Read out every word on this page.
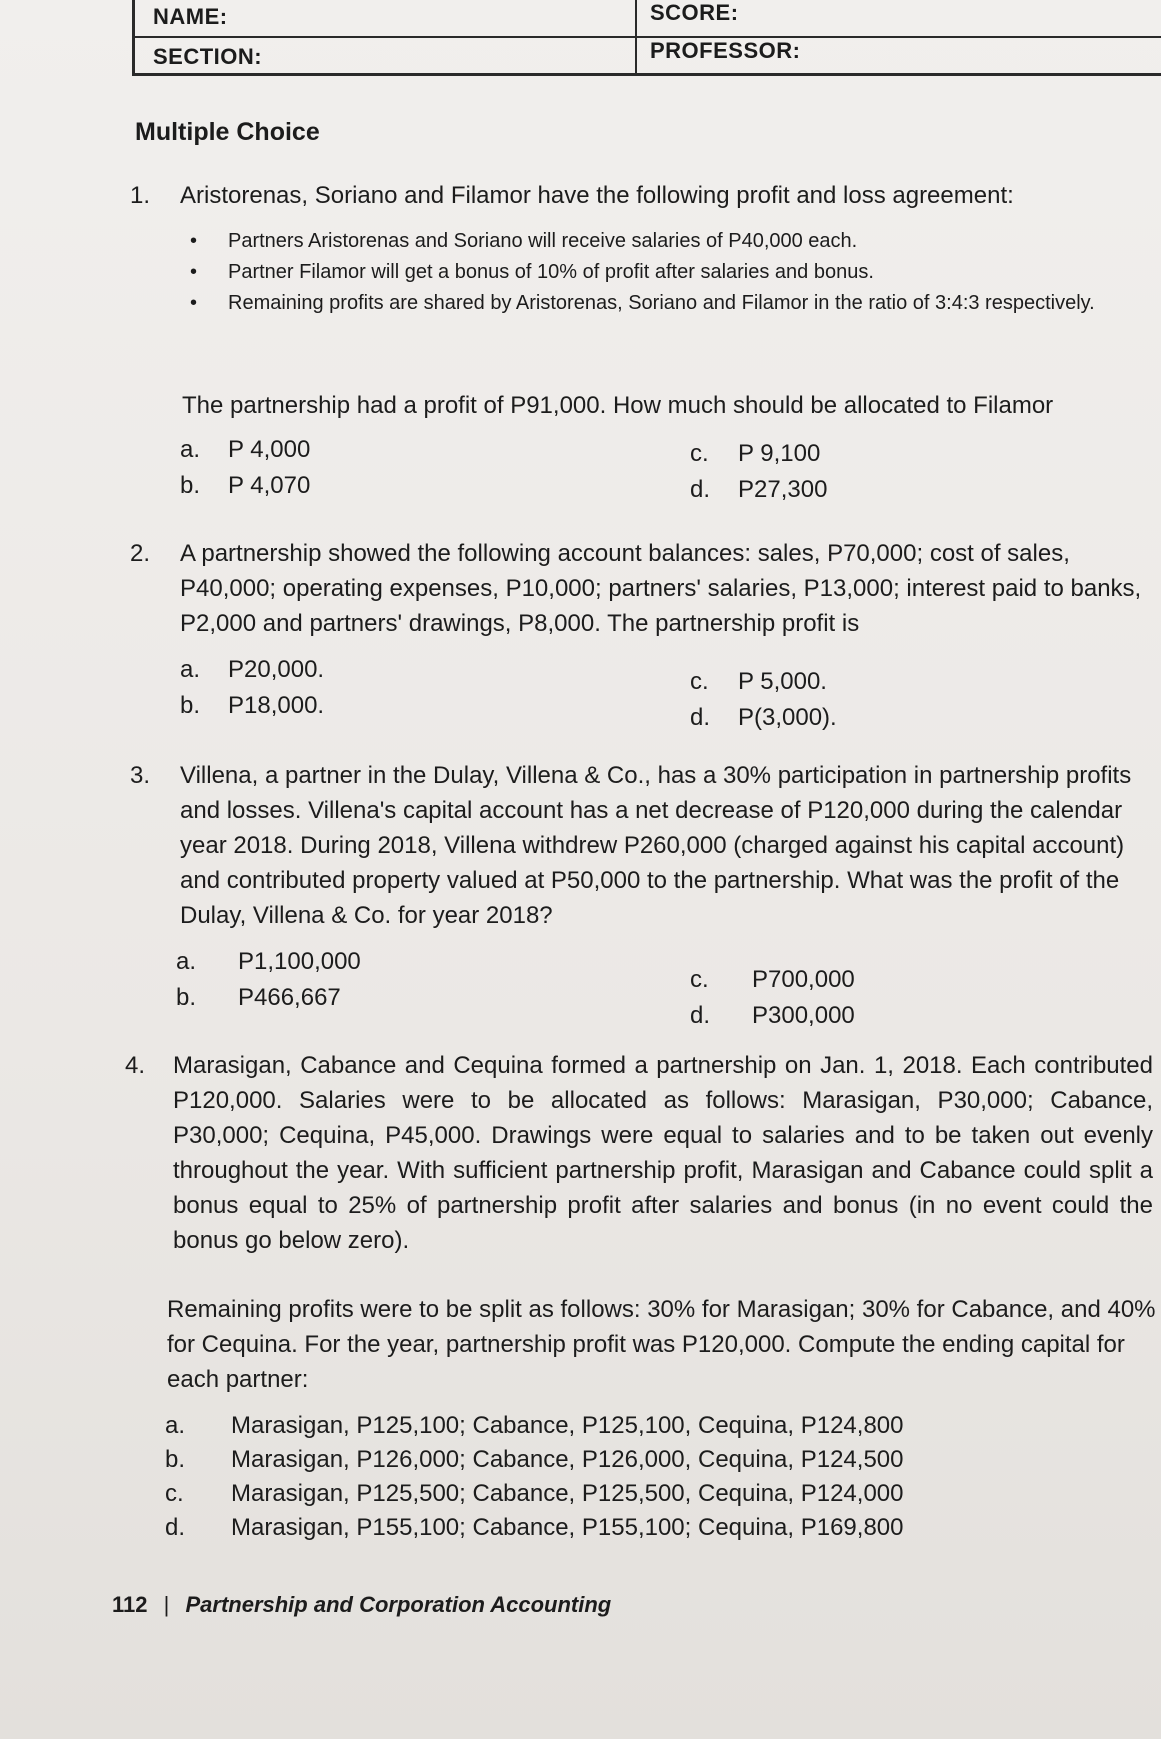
NAME:
SECTION:
SCORE:
PROFESSOR:
Multiple Choice
1. Aristorenas, Soriano and Filamor have the following profit and loss agreement:
• Partners Aristorenas and Soriano will receive salaries of P40,000 each.
• Partner Filamor will get a bonus of 10% of profit after salaries and bonus.
• Remaining profits are shared by Aristorenas, Soriano and Filamor in the ratio of 3:4:3 respectively.
The partnership had a profit of P91,000. How much should be allocated to Filamor
a. P 4,000
b. P 4,070
c. P 9,100
d. P27,300
2. A partnership showed the following account balances: sales, P70,000; cost of sales, P40,000; operating expenses, P10,000; partners' salaries, P13,000; interest paid to banks, P2,000 and partners' drawings, P8,000. The partnership profit is
a. P20,000.
b. P18,000.
c. P 5,000.
d. P(3,000).
3. Villena, a partner in the Dulay, Villena & Co., has a 30% participation in partnership profits and losses. Villena's capital account has a net decrease of P120,000 during the calendar year 2018. During 2018, Villena withdrew P260,000 (charged against his capital account) and contributed property valued at P50,000 to the partnership. What was the profit of the Dulay, Villena & Co. for year 2018?
a. P1,100,000
b. P466,667
c. P700,000
d. P300,000
4. Marasigan, Cabance and Cequina formed a partnership on Jan. 1, 2018. Each contributed P120,000. Salaries were to be allocated as follows: Marasigan, P30,000; Cabance, P30,000; Cequina, P45,000. Drawings were equal to salaries and to be taken out evenly throughout the year. With sufficient partnership profit, Marasigan and Cabance could split a bonus equal to 25% of partnership profit after salaries and bonus (in no event could the bonus go below zero).
Remaining profits were to be split as follows: 30% for Marasigan; 30% for Cabance, and 40% for Cequina. For the year, partnership profit was P120,000. Compute the ending capital for each partner:
a. Marasigan, P125,100; Cabance, P125,100, Cequina, P124,800
b. Marasigan, P126,000; Cabance, P126,000, Cequina, P124,500
c. Marasigan, P125,500; Cabance, P125,500, Cequina, P124,000
d. Marasigan, P155,100; Cabance, P155,100; Cequina, P169,800
112 | Partnership and Corporation Accounting
